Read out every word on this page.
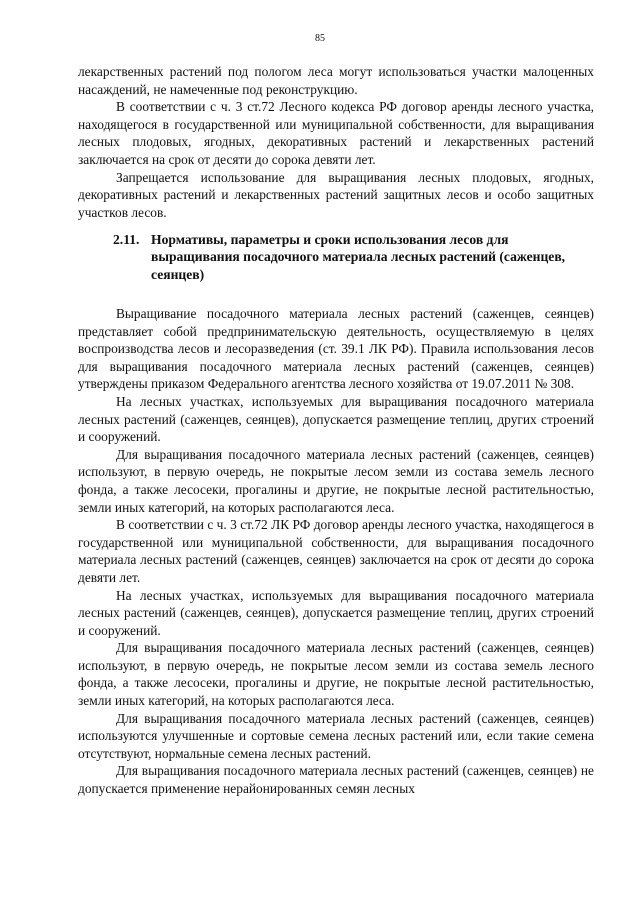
85

лекарственных растений под пологом леса могут использоваться участки малоценных насаждений, не намеченные под реконструкцию.

В соответствии с ч. 3 ст.72 Лесного кодекса РФ договор аренды лесного участка, находящегося в государственной или муниципальной собственности, для выращивания лесных плодовых, ягодных, декоративных растений и лекарственных растений заключается на срок от десяти до сорока девяти лет.

Запрещается использование для выращивания лесных плодовых, ягодных, декоративных растений и лекарственных растений защитных лесов и особо защитных участков лесов.

2.11. Нормативы, параметры и сроки использования лесов для выращивания посадочного материала лесных растений (саженцев, сеянцев)

Выращивание посадочного материала лесных растений (саженцев, сеянцев) представляет собой предпринимательскую деятельность, осуществляемую в целях воспроизводства лесов и лесоразведения (ст. 39.1 ЛК РФ). Правила использования лесов для выращивания посадочного материала лесных растений (саженцев, сеянцев) утверждены приказом Федерального агентства лесного хозяйства от 19.07.2011 № 308.

На лесных участках, используемых для выращивания посадочного материала лесных растений (саженцев, сеянцев), допускается размещение теплиц, других строений и сооружений.

Для выращивания посадочного материала лесных растений (саженцев, сеянцев) используют, в первую очередь, не покрытые лесом земли из состава земель лесного фонда, а также лесосеки, прогалины и другие, не покрытые лесной растительностью, земли иных категорий, на которых располагаются леса.

В соответствии с ч. 3 ст.72 ЛК РФ договор аренды лесного участка, находящегося в государственной или муниципальной собственности, для выращивания посадочного материала лесных растений (саженцев, сеянцев) заключается на срок от десяти до сорока девяти лет.

На лесных участках, используемых для выращивания посадочного материала лесных растений (саженцев, сеянцев), допускается размещение теплиц, других строений и сооружений.

Для выращивания посадочного материала лесных растений (саженцев, сеянцев) используют, в первую очередь, не покрытые лесом земли из состава земель лесного фонда, а также лесосеки, прогалины и другие, не покрытые лесной растительностью, земли иных категорий, на которых располагаются леса.

Для выращивания посадочного материала лесных растений (саженцев, сеянцев) используются улучшенные и сортовые семена лесных растений или, если такие семена отсутствуют, нормальные семена лесных растений.

Для выращивания посадочного материала лесных растений (саженцев, сеянцев) не допускается применение нерайонированных семян лесных
